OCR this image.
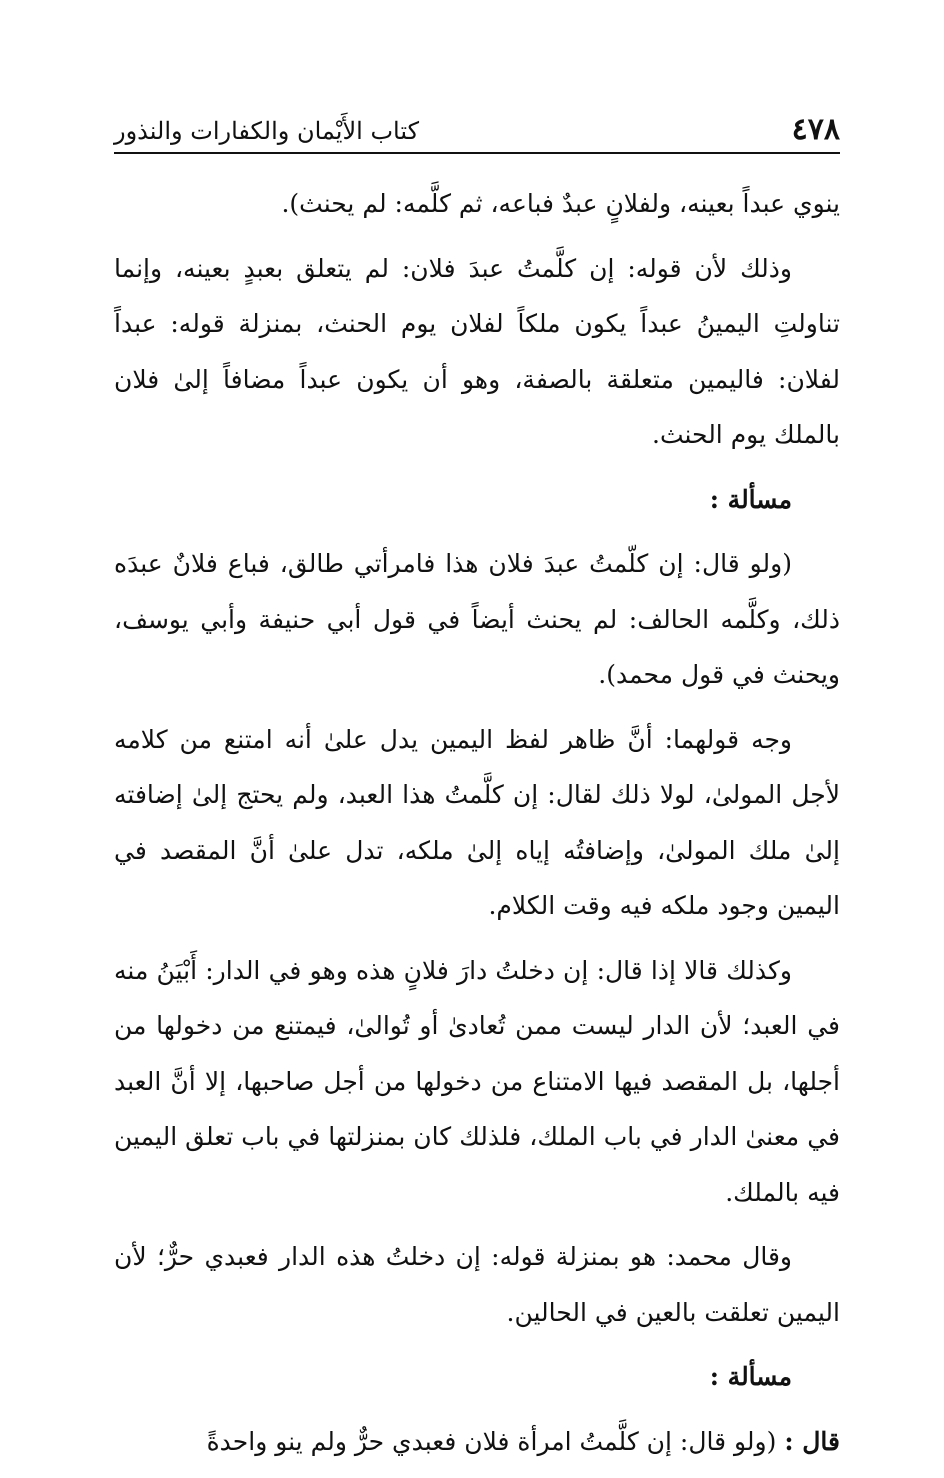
٤٧٨
كتاب الأَيْمان والكفارات والنذور

ينوي عبداً بعينه، ولفلانٍ عبدٌ فباعه، ثم كلَّمه: لم يحنث).

وذلك لأن قوله: إن كلَّمتُ عبدَ فلان: لم يتعلق بعبدٍ بعينه، وإنما تناولتِ اليمينُ عبداً يكون ملكاً لفلان يوم الحنث، بمنزلة قوله: عبداً لفلان: فاليمين متعلقة بالصفة، وهو أن يكون عبداً مضافاً إلىٰ فلان بالملك يوم الحنث.

مسألة :

(ولو قال: إن كلّمتُ عبدَ فلان هذا فامرأتي طالق، فباع فلانٌ عبدَه ذلك، وكلَّمه الحالف: لم يحنث أيضاً في قول أبي حنيفة وأبي يوسف، ويحنث في قول محمد).

وجه قولهما: أنَّ ظاهر لفظ اليمين يدل علىٰ أنه امتنع من كلامه لأجل المولىٰ، لولا ذلك لقال: إن كلَّمتُ هذا العبد، ولم يحتج إلىٰ إضافته إلىٰ ملك المولىٰ، وإضافتُه إياه إلىٰ ملكه، تدل علىٰ أنَّ المقصد في اليمين وجود ملكه فيه وقت الكلام.

وكذلك قالا إذا قال: إن دخلتُ دارَ فلانٍ هذه وهو في الدار: أَبْيَنُ منه في العبد؛ لأن الدار ليست ممن تُعادىٰ أو تُوالىٰ، فيمتنع من دخولها من أجلها، بل المقصد فيها الامتناع من دخولها من أجل صاحبها، إلا أنَّ العبد في معنىٰ الدار في باب الملك، فلذلك كان بمنزلتها في باب تعلق اليمين فيه بالملك.

وقال محمد: هو بمنزلة قوله: إن دخلتُ هذه الدار فعبدي حرٌّ؛ لأن اليمين تعلقت بالعين في الحالين.

مسألة :

قال : (ولو قال: إن كلَّمتُ امرأة فلان فعبدي حرٌّ ولم ينو واحدةً
